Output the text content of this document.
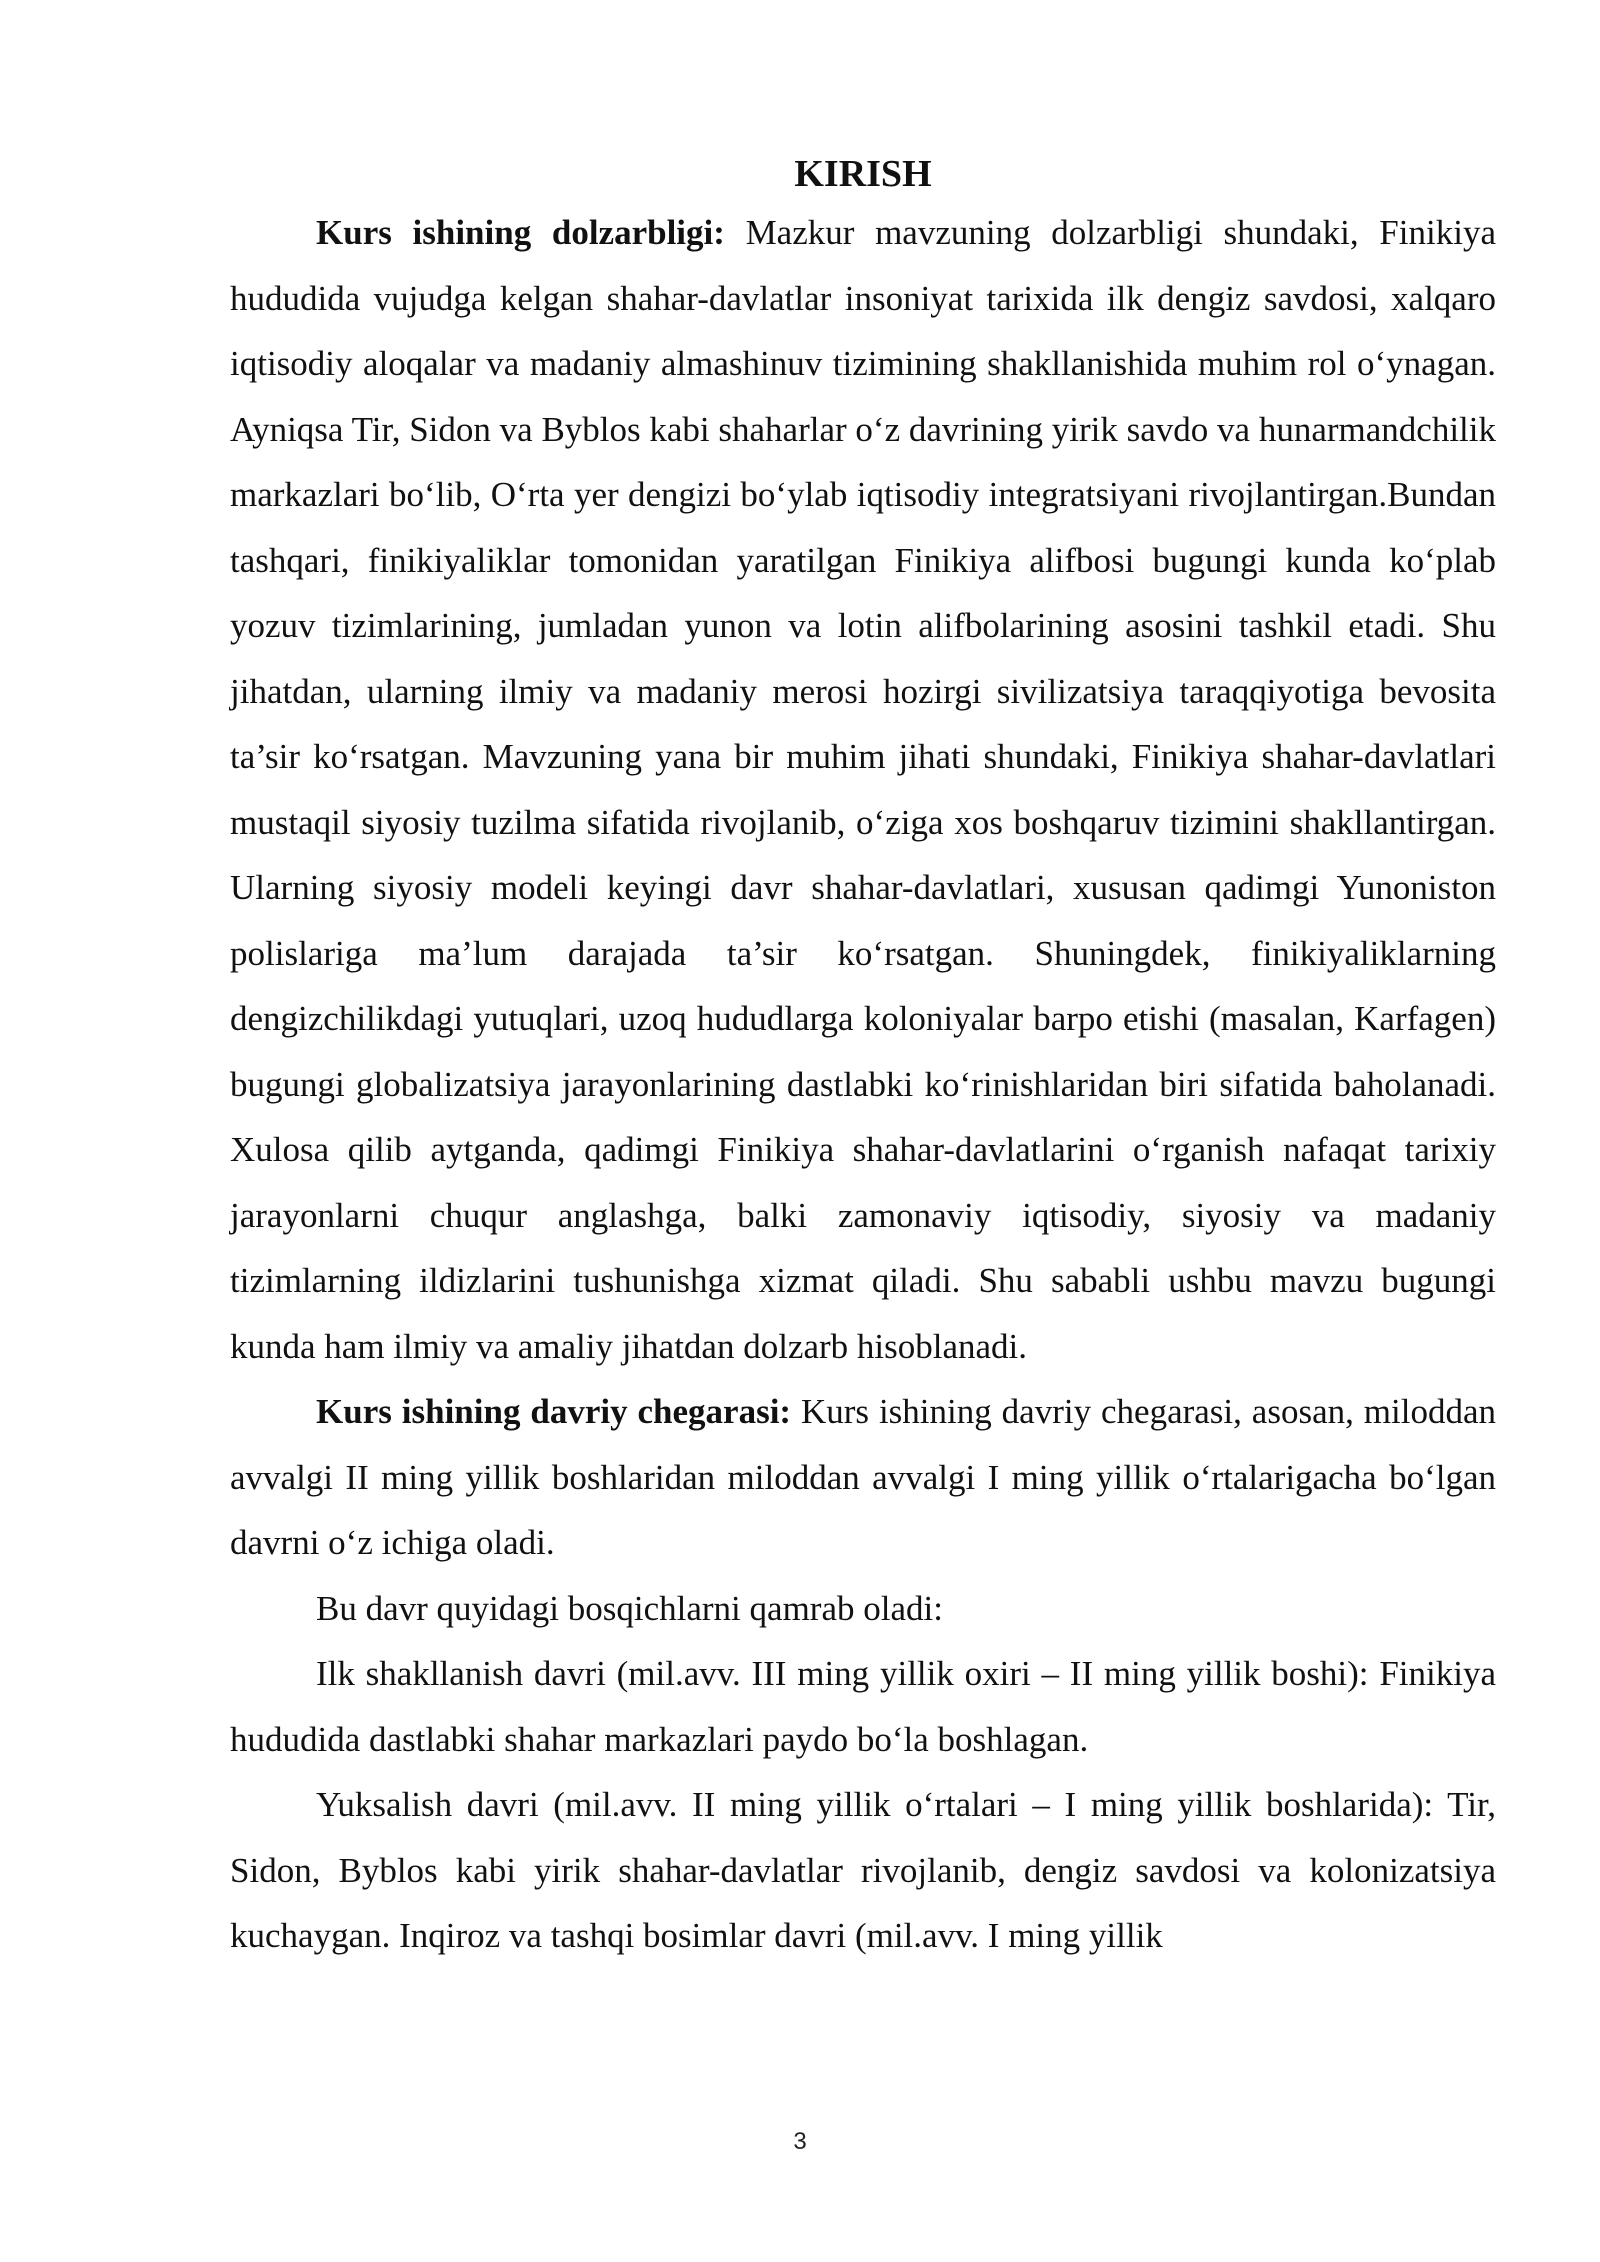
KIRISH

Kurs ishining dolzarbligi: Mazkur mavzuning dolzarbligi shundaki, Finikiya hududida vujudga kelgan shahar-davlatlar insoniyat tarixida ilk dengiz savdosi, xalqaro iqtisodiy aloqalar va madaniy almashinuv tizimining shakllanishida muhim rol o‘ynagan. Ayniqsa Tir, Sidon va Byblos kabi shaharlar o‘z davrining yirik savdo va hunarmandchilik markazlari bo‘lib, O‘rta yer dengizi bo‘ylab iqtisodiy integratsiyani rivojlantirgan.Bundan tashqari, finikiyaliklar tomonidan yaratilgan Finikiya alifbosi bugungi kunda ko‘plab yozuv tizimlarining, jumladan yunon va lotin alifbolarining asosini tashkil etadi. Shu jihatdan, ularning ilmiy va madaniy merosi hozirgi sivilizatsiya taraqqiyotiga bevosita ta’sir ko‘rsatgan. Mavzuning yana bir muhim jihati shundaki, Finikiya shahar-davlatlari mustaqil siyosiy tuzilma sifatida rivojlanib, o‘ziga xos boshqaruv tizimini shakllantirgan. Ularning siyosiy modeli keyingi davr shahar-davlatlari, xususan qadimgi Yunoniston polislariga ma’lum darajada ta’sir ko‘rsatgan. Shuningdek, finikiyaliklarning dengizchilikdagi yutuqlari, uzoq hududlarga koloniyalar barpo etishi (masalan, Karfagen) bugungi globalizatsiya jarayonlarining dastlabki ko‘rinishlaridan biri sifatida baholanadi. Xulosa qilib aytganda, qadimgi Finikiya shahar-davlatlarini o‘rganish nafaqat tarixiy jarayonlarni chuqur anglashga, balki zamonaviy iqtisodiy, siyosiy va madaniy tizimlarning ildizlarini tushunishga xizmat qiladi. Shu sababli ushbu mavzu bugungi kunda ham ilmiy va amaliy jihatdan dolzarb hisoblanadi.

Kurs ishining davriy chegarasi: Kurs ishining davriy chegarasi, asosan, miloddan avvalgi II ming yillik boshlaridan miloddan avvalgi I ming yillik o‘rtalarigacha bo‘lgan davrni o‘z ichiga oladi.

Bu davr quyidagi bosqichlarni qamrab oladi:

Ilk shakllanish davri (mil.avv. III ming yillik oxiri – II ming yillik boshi): Finikiya hududida dastlabki shahar markazlari paydo bo‘la boshlagan.

Yuksalish davri (mil.avv. II ming yillik o‘rtalari – I ming yillik boshlarida): Tir, Sidon, Byblos kabi yirik shahar-davlatlar rivojlanib, dengiz savdosi va kolonizatsiya kuchaygan. Inqiroz va tashqi bosimlar davri (mil.avv. I ming yillik

3
